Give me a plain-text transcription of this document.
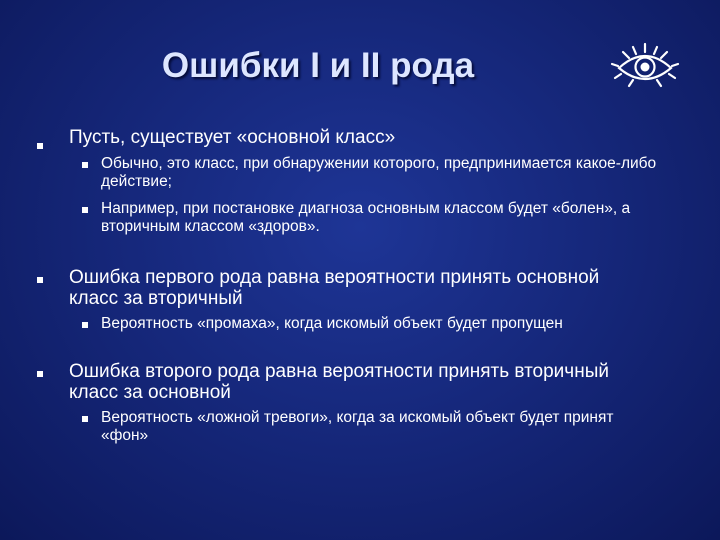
Ошибки I и II рода
Пусть, существует «основной класс»
Обычно, это класс, при обнаружении которого, предпринимается какое-либо действие;
Например, при постановке диагноза основным классом будет «болен», а вторичным классом «здоров».
Ошибка первого рода равна вероятности принять основной класс за вторичный
Вероятность «промаха», когда искомый объект будет пропущен
Ошибка второго рода равна вероятности принять вторичный класс за основной
Вероятность «ложной тревоги», когда за искомый объект будет принят «фон»
